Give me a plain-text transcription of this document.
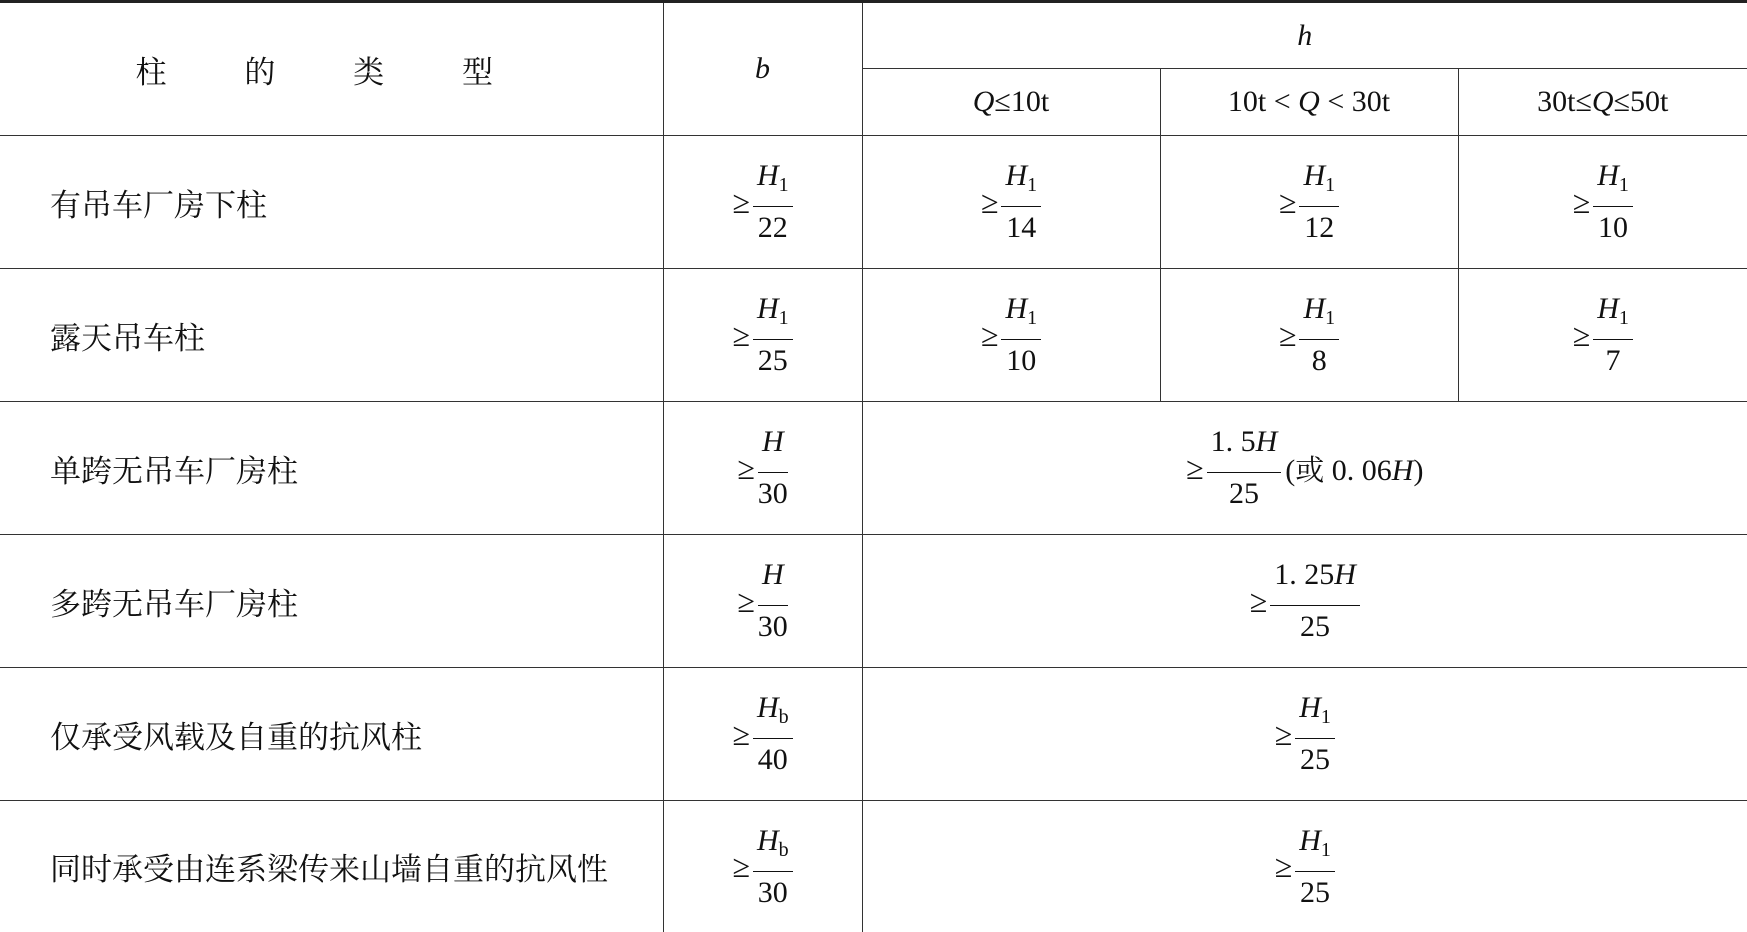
柱 的 类 型	b	h		
		Q≤10t	10t < Q < 30t	30t≤Q≤50t
有吊车厂房下柱	≥ $\frac{H_1}{22}$	≥ $\frac{H_1}{14}$	≥ $\frac{H_1}{12}$	≥ $\frac{H_1}{10}$

露天吊车柱	≥ $\frac{H_1}{25}$	≥ $\frac{H_1}{10}$	≥ $\frac{H_1}{8}$	≥ $\frac{H_1}{7}$

单跨无吊车厂房柱	≥ $\frac{H}{30}$	≥ $\frac{1. 5H}{25}$ (或 0. 06H)		

多跨无吊车厂房柱	≥ $\frac{H}{30}$	≥ $\frac{1. 25H}{25}$

仅承受风载及自重的抗风柱	≥ $\frac{H_b}{40}$	≥ $\frac{H_1}{25}$

同时承受由连系梁传来山墙自重的抗风性	≥ $\frac{H_b}{30}$	≥ $\frac{H_1}{25}$
